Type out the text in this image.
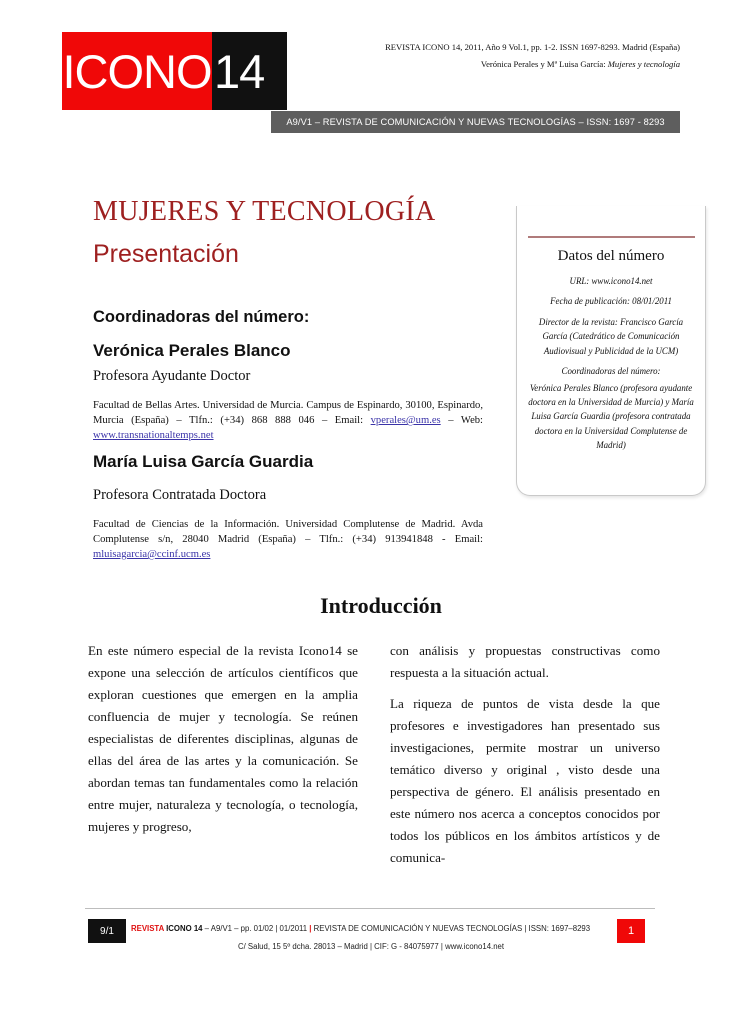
ICONO 14	REVISTA ICONO 14, 2011, Año 9 Vol.1, pp. 1-2. ISSN 1697-8293. Madrid (España)
Verónica Perales y Mª Luisa García: Mujeres y tecnología
A9/V1 – REVISTA DE COMUNICACIÓN Y NUEVAS TECNOLOGÍAS – ISSN: 1697 - 8293
MUJERES Y TECNOLOGÍA
Presentación
Coordinadoras del número:
Verónica Perales Blanco
Profesora Ayudante Doctor
Facultad de Bellas Artes. Universidad de Murcia. Campus de Espinardo, 30100, Espinardo, Murcia (España) – Tlfn.: (+34) 868 888 046 – Email: vperales@um.es – Web: www.transnationaltemps.net
María Luisa García Guardia
Profesora Contratada Doctora
Facultad de Ciencias de la Información. Universidad Complutense de Madrid. Avda Complutense s/n, 28040 Madrid (España) – Tlfn.: (+34) 913941848 - Email: mluisagarcia@ccinf.ucm.es
Datos del número

URL: www.icono14.net

Fecha de publicación: 08/01/2011

Director de la revista: Francisco García García (Catedrático de Comunicación Audiovisual y Publicidad de la UCM)

Coordinadoras del número:

Verónica Perales Blanco (profesora ayudante doctora en la Universidad de Murcia) y María Luisa García Guardia (profesora contratada doctora en la Universidad Complutense de Madrid)

Introducción

En este número especial de la revista Icono14 se expone una selección de artículos científicos que exploran cuestiones que emergen en la amplia confluencia de mujer y tecnología. Se reúnen especialistas de diferentes disciplinas, algunas de ellas del área de las artes y la comunicación. Se abordan temas tan fundamentales como la relación entre mujer, naturaleza y tecnología, o tecnología, mujeres y progreso,

con análisis y propuestas constructivas como respuesta a la situación actual.

La riqueza de puntos de vista desde la que profesores e investigadores han presentado sus investigaciones, permite mostrar un universo temático diverso y original , visto desde una perspectiva de género. El análisis presentado en este número nos acerca a conceptos conocidos por todos los públicos en los ámbitos artísticos y de comunica-

9/1	1
REVISTA ICONO 14 – A9/V1 – pp. 01/02 | 01/2011 | REVISTA DE COMUNICACIÓN Y NUEVAS TECNOLOGÍAS | ISSN: 1697–8293
C/ Salud, 15 5º dcha. 28013 – Madrid | CIF: G - 84075977 | www.icono14.net
